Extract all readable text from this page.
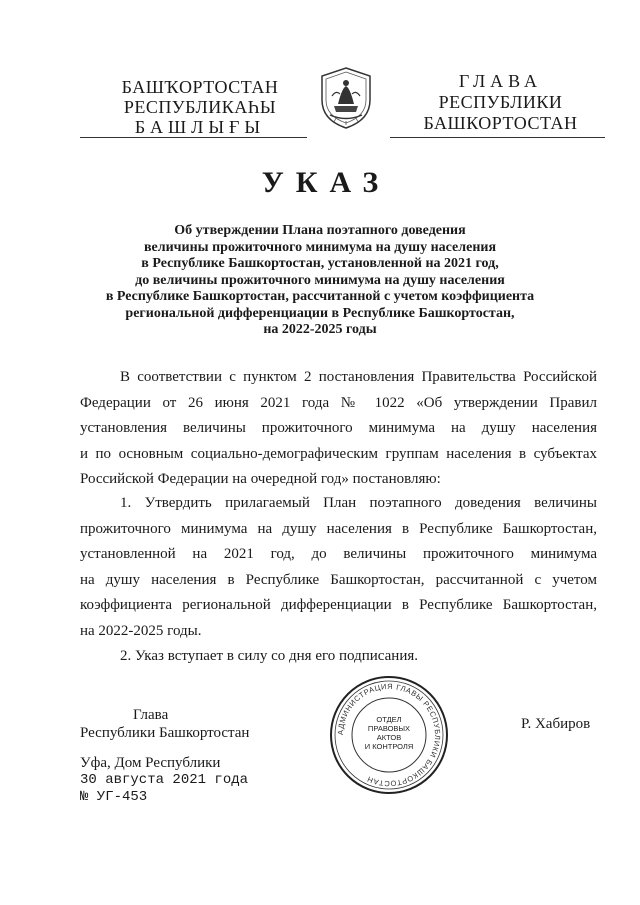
БАШҠОРТОСТАН
РЕСПУБЛИКАҺЫ
БАШЛЫҒЫ
ГЛАВА
РЕСПУБЛИКИ
БАШКОРТОСТАН
УКАЗ
Об утверждении Плана поэтапного доведения
величины прожиточного минимума на душу населения
в Республике Башкортостан, установленной на 2021 год,
до величины прожиточного минимума на душу населения
в Республике Башкортостан, рассчитанной с учетом коэффициента
региональной дифференциации в Республике Башкортостан,
на 2022-2025 годы
В соответствии с пунктом 2 постановления Правительства Российской
Федерации от 26 июня 2021 года № 1022 «Об утверждении Правил
установления величины прожиточного минимума на душу населения
и по основным социально-демографическим группам населения в субъектах
Российской Федерации на очередной год» постановляю:
1. Утвердить прилагаемый План поэтапного доведения величины
прожиточного минимума на душу населения в Республике Башкортостан,
установленной на 2021 год, до величины прожиточного минимума
на душу населения в Республике Башкортостан, рассчитанной с учетом
коэффициента региональной дифференциации в Республике Башкортостан,
на 2022-2025 годы.
2. Указ вступает в силу со дня его подписания.
Глава
Республики Башкортостан	АДМИНИСТРАЦИЯ ГЛАВЫ РЕСПУБЛИКИ БАШКОРТОСТАН
ОТДЕЛ
ПРАВОВЫХ АКТОВ
И КОНТРОЛЯ
Р. Хабиров
Уфа, Дом Республики
30 августа 2021 года
№ УГ-453
